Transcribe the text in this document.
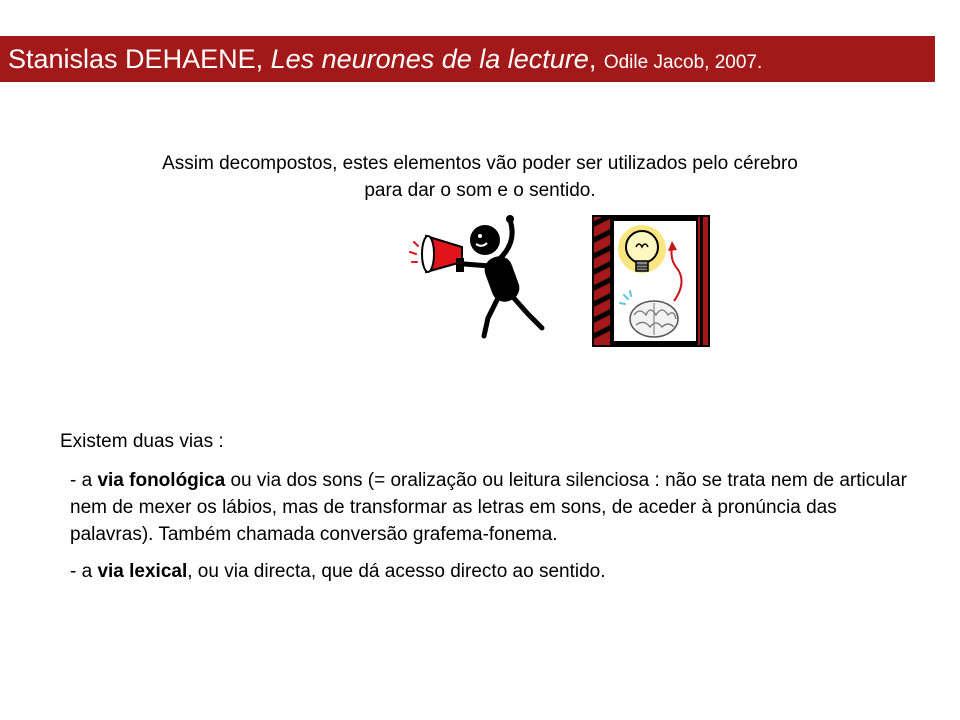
Stanislas DEHAENE, Les neurones de la lecture, Odile Jacob, 2007.
Assim decompostos, estes elementos vão poder ser utilizados pelo cérebro
para dar o som e o sentido.

Existem duas vias :

- a via fonológica ou via dos sons (= oralização ou leitura silenciosa : não se trata nem de articular nem de mexer os lábios, mas de transformar as letras em sons, de aceder à pronúncia das palavras). Também chamada conversão grafema-fonema.

- a via lexical, ou via directa, que dá acesso directo ao sentido.
